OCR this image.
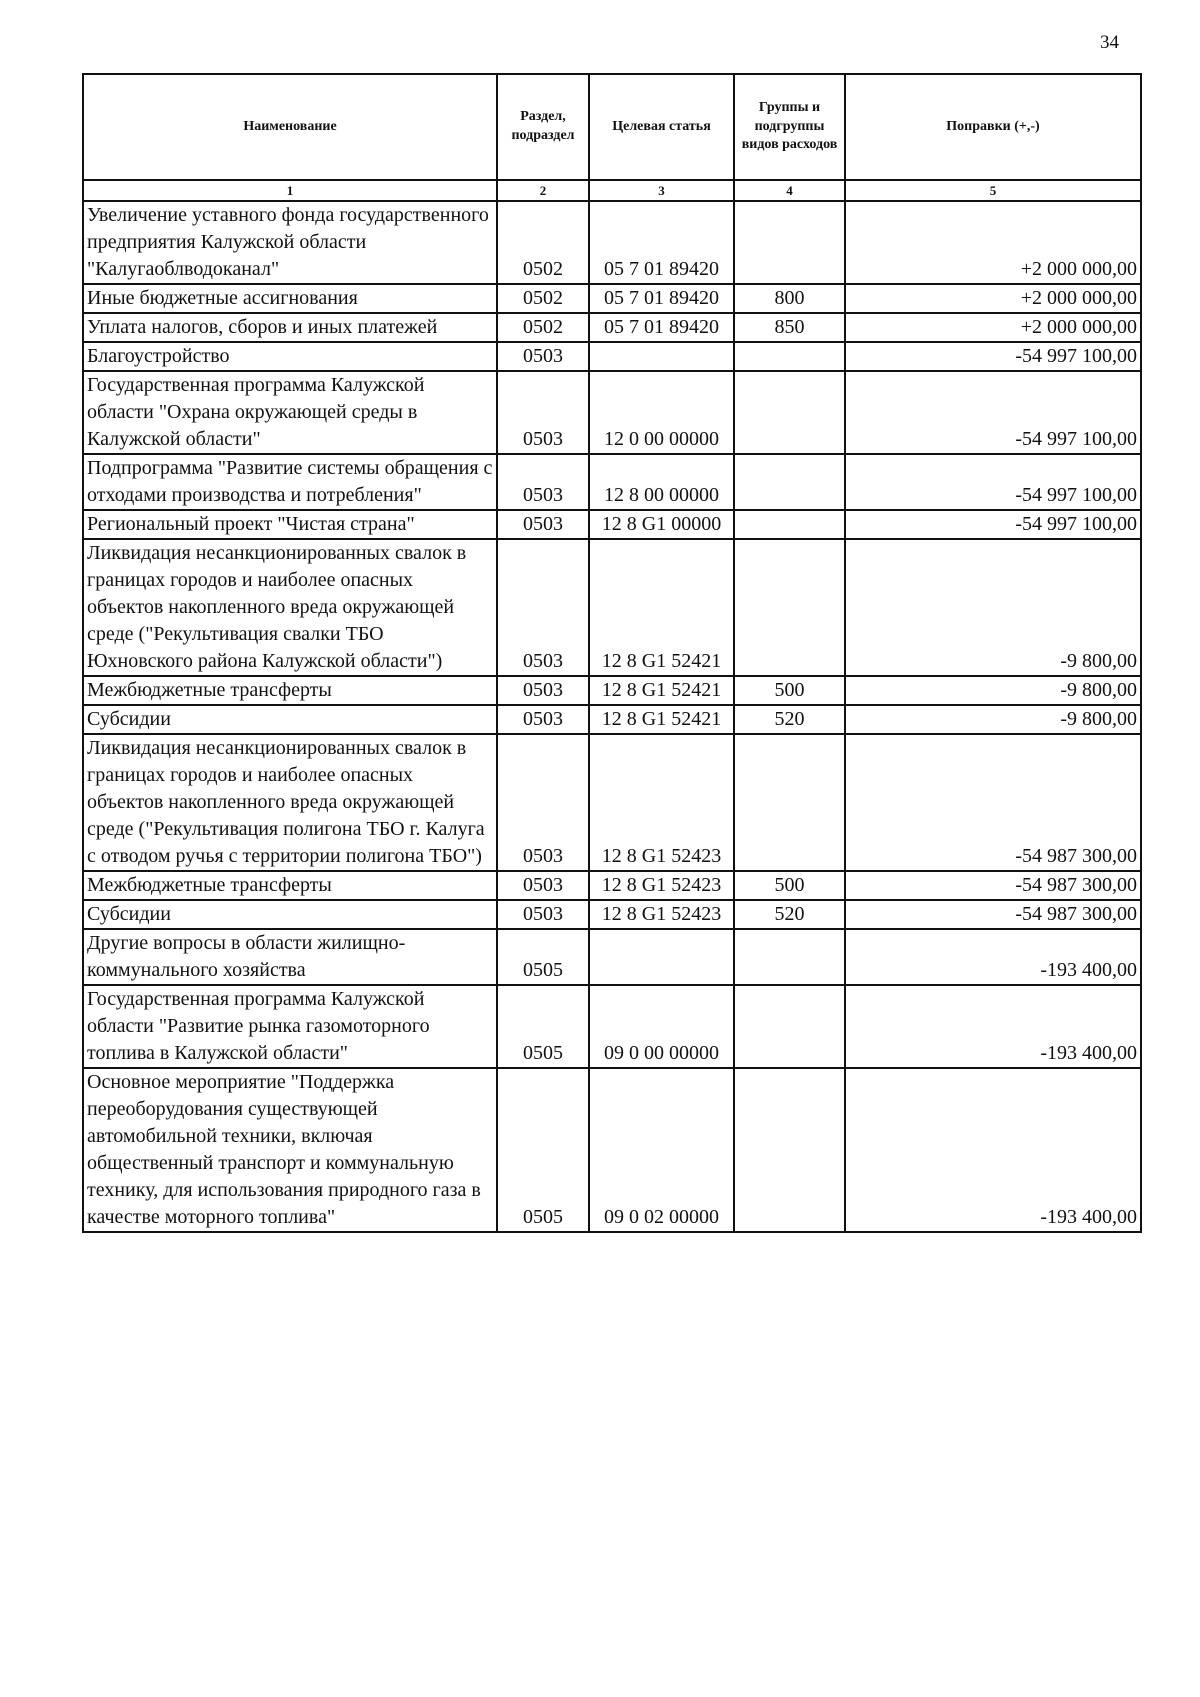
34
Наименование	Раздел, подраздел	Целевая статья	Группы и подгруппы видов расходов	Поправки (+,-)
1	2	3	4	5
Увеличение уставного фонда государственного предприятия Калужской области "Калугаоблводоканал"	0502	05 7 01 89420		+2 000 000,00
Иные бюджетные ассигнования	0502	05 7 01 89420	800	+2 000 000,00
Уплата налогов, сборов и иных платежей	0502	05 7 01 89420	850	+2 000 000,00
Благоустройство	0503			-54 997 100,00
Государственная программа Калужской области "Охрана окружающей среды в Калужской области"	0503	12 0 00 00000		-54 997 100,00
Подпрограмма "Развитие системы обращения с отходами производства и потребления"	0503	12 8 00 00000		-54 997 100,00
Региональный проект "Чистая страна"	0503	12 8 G1 00000		-54 997 100,00
Ликвидация несанкционированных свалок в границах городов и наиболее опасных объектов накопленного вреда окружающей среде ("Рекультивация свалки ТБО Юхновского района Калужской области")	0503	12 8 G1 52421		-9 800,00
Межбюджетные трансферты	0503	12 8 G1 52421	500	-9 800,00
Субсидии	0503	12 8 G1 52421	520	-9 800,00
Ликвидация несанкционированных свалок в границах городов и наиболее опасных объектов накопленного вреда окружающей среде ("Рекультивация полигона ТБО г. Калуга с отводом ручья с территории полигона ТБО")	0503	12 8 G1 52423		-54 987 300,00
Межбюджетные трансферты	0503	12 8 G1 52423	500	-54 987 300,00
Субсидии	0503	12 8 G1 52423	520	-54 987 300,00
Другие вопросы в области жилищно-коммунального хозяйства	0505			-193 400,00
Государственная программа Калужской области "Развитие рынка газомоторного топлива в Калужской области"	0505	09 0 00 00000		-193 400,00
Основное мероприятие "Поддержка переоборудования существующей автомобильной техники, включая общественный транспорт и коммунальную технику, для использования природного газа в качестве моторного топлива"	0505	09 0 02 00000		-193 400,00
